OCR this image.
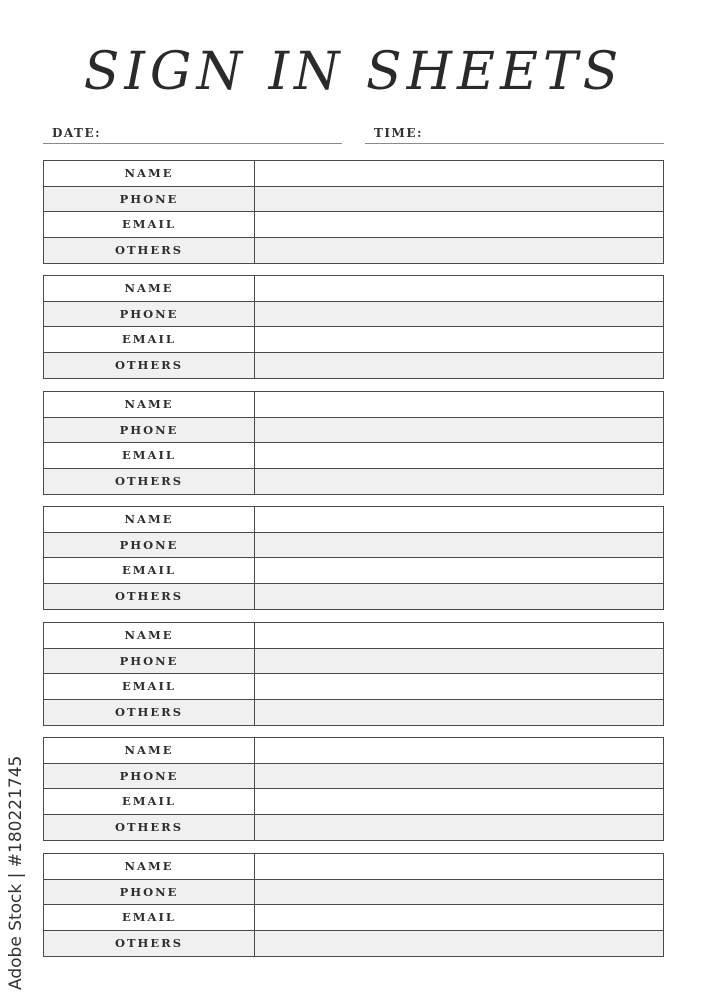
SIGN IN SHEETS
DATE:	TIME:
NAME
PHONE
EMAIL
OTHERS
NAME
PHONE
EMAIL
OTHERS
NAME
PHONE
EMAIL
OTHERS
NAME
PHONE
EMAIL
OTHERS
NAME
PHONE
EMAIL
OTHERS
NAME
PHONE
EMAIL
OTHERS
NAME
PHONE
EMAIL
OTHERS
Adobe Stock | #180221745
